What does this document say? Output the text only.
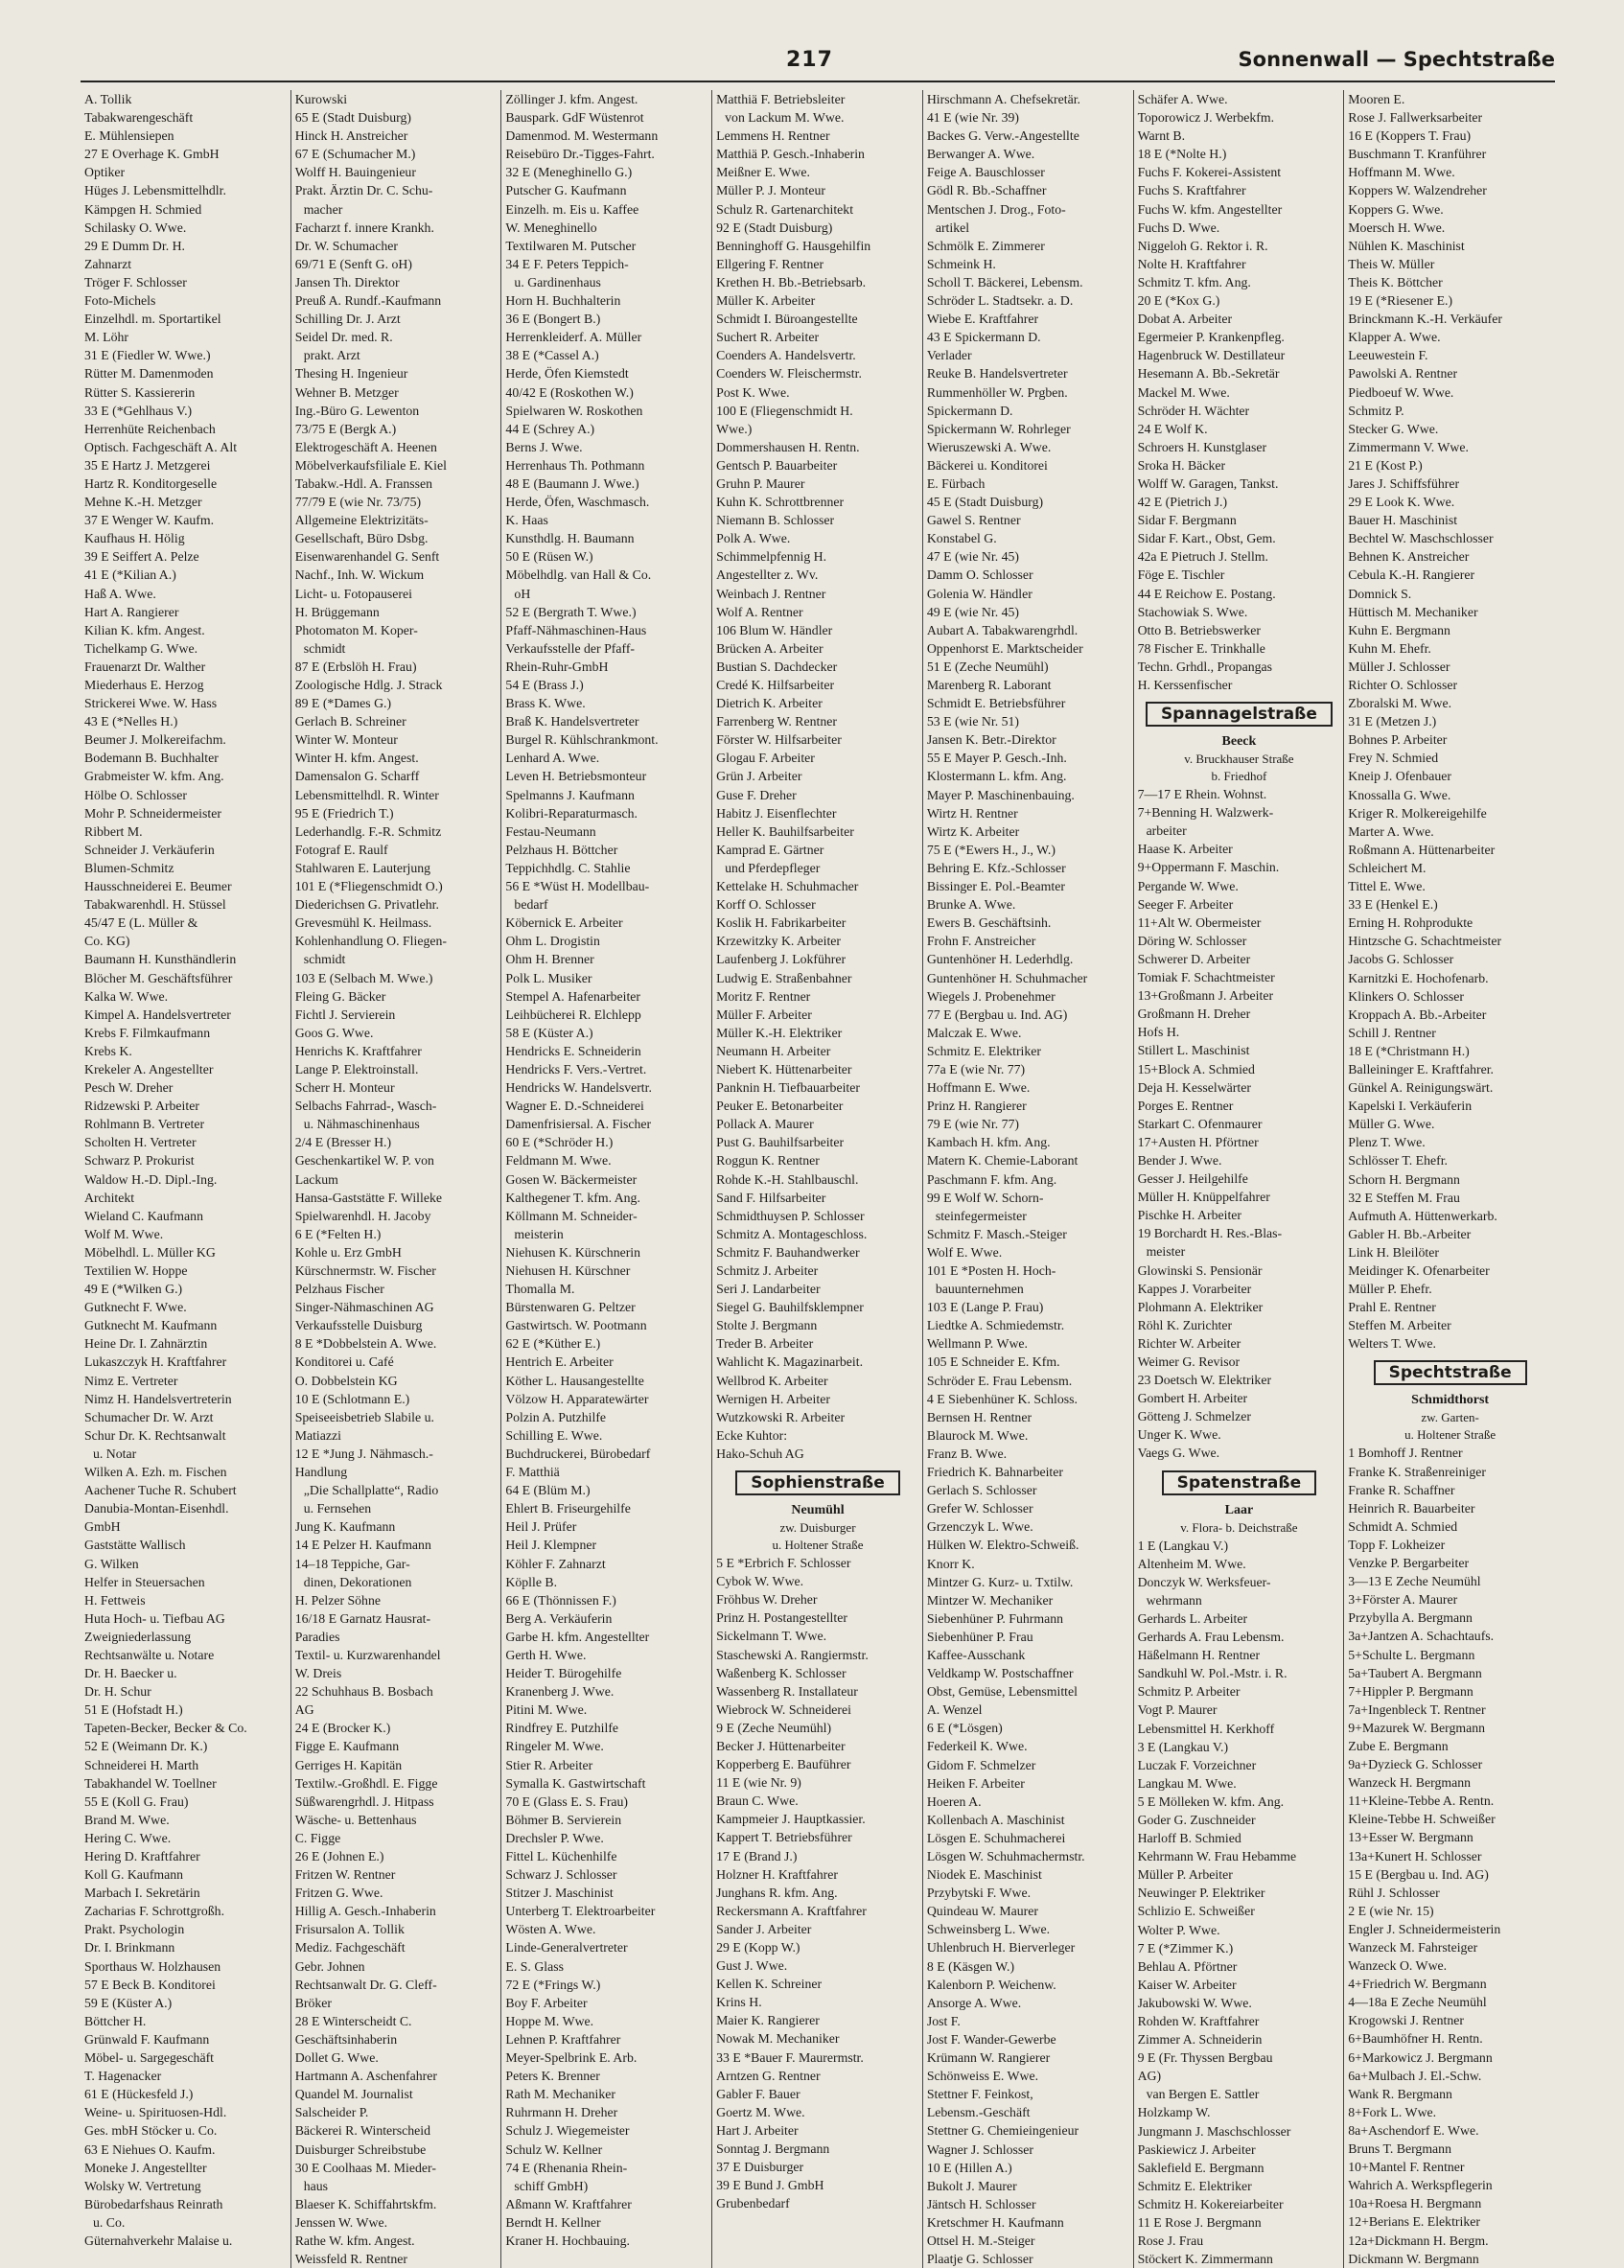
217	Sonnenwall — Spechtstraße
A. Tollik
Tabakwarengeschäft
E. Mühlensiepen
27 E Overhage K. GmbH
Optiker
Hüges J. Lebensmittelhdlr.
Kämpgen H. Schmied
Schilasky O. Wwe.
29 E Dumm Dr. H.
Zahnarzt
Tröger F. Schlosser
Foto-Michels
Einzelhdl. m. Sportartikel
M. Löhr
31 E (Fiedler W. Wwe.)
Rütter M. Damenmoden
Rütter S. Kassiererin
33 E (*Gehlhaus V.)
Herrenhüte Reichenbach
Optisch. Fachgeschäft A. Alt
35 E Hartz J. Metzgerei
Hartz R. Konditorgeselle
Mehne K.-H. Metzger
37 E Wenger W. Kaufm.
Kaufhaus H. Hölig
39 E Seiffert A. Pelze
41 E (*Kilian A.)
Haß A. Wwe.
Hart A. Rangierer
Kilian K. kfm. Angest.
Tichelkamp G. Wwe.
Frauenarzt Dr. Walther
Miederhaus E. Herzog
Strickerei Wwe. W. Hass
43 E (*Nelles H.)
Beumer J. Molkereifachm.
Bodemann B. Buchhalter
Grabmeister W. kfm. Ang.
Hölbe O. Schlosser
Mohr P. Schneidermeister
Ribbert M.
Schneider J. Verkäuferin
Blumen-Schmitz
Hausschneiderei E. Beumer
Tabakwarenhdl. H. Stüssel
45/47 E (L. Müller &
Co. KG)
Baumann H. Kunsthändlerin
Blöcher M. Geschäftsführer
Kalka W. Wwe.
Kimpel A. Handelsvertreter
Krebs F. Filmkaufmann
Krebs K.
Krekeler A. Angestellter
Pesch W. Dreher
Ridzewski P. Arbeiter
Rohlmann B. Vertreter
Scholten H. Vertreter
Schwarz P. Prokurist
Waldow H.-D. Dipl.-Ing.
Architekt
Wieland C. Kaufmann
Wolf M. Wwe.
Möbelhdl. L. Müller KG
Textilien W. Hoppe
49 E (*Wilken G.)
Gutknecht F. Wwe.
Gutknecht M. Kaufmann
Heine Dr. I. Zahnärztin
Lukaszczyk H. Kraftfahrer
Nimz E. Vertreter
Nimz H. Handelsvertreterin
Schumacher Dr. W. Arzt
Schur Dr. K. Rechtsanwalt
u. Notar
Wilken A. Ezh. m. Fischen
Aachener Tuche R. Schubert
Danubia-Montan-Eisenhdl.
GmbH
Gaststätte Wallisch
G. Wilken
Helfer in Steuersachen
H. Fettweis
Huta Hoch- u. Tiefbau AG
Zweigniederlassung
Rechtsanwälte u. Notare
Dr. H. Baecker u.
Dr. H. Schur
51 E (Hofstadt H.)
Tapeten-Becker, Becker & Co.
52 E (Weimann Dr. K.)
Schneiderei H. Marth
Tabakhandel W. Toellner
55 E (Koll G. Frau)
Brand M. Wwe.
Hering C. Wwe.
Hering D. Kraftfahrer
Koll G. Kaufmann
Marbach I. Sekretärin
Zacharias F. Schrottgroßh.
Prakt. Psychologin
Dr. I. Brinkmann
Sporthaus W. Holzhausen
57 E Beck B. Konditorei
59 E (Küster A.)
Böttcher H.
Grünwald F. Kaufmann
Möbel- u. Sargegeschäft
T. Hagenacker
61 E (Hückesfeld J.)
Weine- u. Spirituosen-Hdl.
Ges. mbH Stöcker u. Co.
63 E Niehues O. Kaufm.
Moneke J. Angestellter
Wolsky W. Vertretung
Bürobedarfshaus Reinrath
u. Co.
Güternahverkehr Malaise u.
Kurowski
65 E (Stadt Duisburg)
Hinck H. Anstreicher
67 E (Schumacher M.)
Wolff H. Bauingenieur
Prakt. Ärztin Dr. C. Schu-
macher
Facharzt f. innere Krankh.
Dr. W. Schumacher
69/71 E (Senft G. oH)
Jansen Th. Direktor
Preuß A. Rundf.-Kaufmann
Schilling Dr. J. Arzt
Seidel Dr. med. R.
prakt. Arzt
Thesing H. Ingenieur
Wehner B. Metzger
Ing.-Büro G. Lewenton
73/75 E (Bergk A.)
Elektrogeschäft A. Heenen
Möbelverkaufsfiliale E. Kiel
Tabakw.-Hdl. A. Franssen
77/79 E (wie Nr. 73/75)
Allgemeine Elektrizitäts-
Gesellschaft, Büro Dsbg.
Eisenwarenhandel G. Senft
Nachf., Inh. W. Wickum
Licht- u. Fotopauserei
H. Brüggemann
Photomaton M. Koper-
schmidt
87 E (Erbslöh H. Frau)
Zoologische Hdlg. J. Strack
89 E (*Dames G.)
Gerlach B. Schreiner
Winter W. Monteur
Winter H. kfm. Angest.
Damensalon G. Scharff
Lebensmittelhdl. R. Winter
95 E (Friedrich T.)
Lederhandlg. F.-R. Schmitz
Fotograf E. Raulf
Stahlwaren E. Lauterjung
101 E (*Fliegenschmidt O.)
Diederichsen G. Privatlehr.
Grevesmühl K. Heilmass.
Kohlenhandlung O. Fliegen-
schmidt
103 E (Selbach M. Wwe.)
Fleing G. Bäcker
Fichtl J. Servierein
Goos G. Wwe.
Henrichs K. Kraftfahrer
Lange P. Elektroinstall.
Scherr H. Monteur
Selbachs Fahrrad-, Wasch-
u. Nähmaschinenhaus
2/4 E (Bresser H.)
Geschenkartikel W. P. von
Lackum
Hansa-Gaststätte F. Willeke
Spielwarenhdl. H. Jacoby
6 E (*Felten H.)
Kohle u. Erz GmbH
Kürschnermstr. W. Fischer
Pelzhaus Fischer
Singer-Nähmaschinen AG
Verkaufsstelle Duisburg
8 E *Dobbelstein A. Wwe.
Konditorei u. Café
O. Dobbelstein KG
10 E (Schlotmann E.)
Speiseeisbetrieb Slabile u.
Matiazzi
12 E *Jung J. Nähmasch.-
Handlung
„Die Schallplatte“, Radio
u. Fernsehen
Jung K. Kaufmann
14 E Pelzer H. Kaufmann
14–18 Teppiche, Gar-
dinen, Dekorationen
H. Pelzer Söhne
16/18 E Garnatz Hausrat-
Paradies
Textil- u. Kurzwarenhandel
W. Dreis
22 Schuhhaus B. Bosbach
AG
24 E (Brocker K.)
Figge E. Kaufmann
Gerriges H. Kapitän
Textilw.-Großhdl. E. Figge
Süßwarengrhdl. J. Hitpass
Wäsche- u. Bettenhaus
C. Figge
26 E (Johnen E.)
Fritzen W. Rentner
Fritzen G. Wwe.
Hillig A. Gesch.-Inhaberin
Frisursalon A. Tollik
Mediz. Fachgeschäft
Gebr. Johnen
Rechtsanwalt Dr. G. Cleff-
Bröker
28 E Winterscheidt C.
Geschäftsinhaberin
Dollet G. Wwe.
Hartmann A. Aschenfahrer
Quandel M. Journalist
Salscheider P.
Bäckerei R. Winterscheid
Duisburger Schreibstube
30 E Coolhaas M. Mieder-
haus
Blaeser K. Schiffahrtskfm.
Jenssen W. Wwe.
Rathe W. kfm. Angest.
Weissfeld R. Rentner
Zöllinger J. kfm. Angest.
Bauspark. GdF Wüstenrot
Damenmod. M. Westermann
Reisebüro Dr.-Tigges-Fahrt.
32 E (Meneghinello G.)
Putscher G. Kaufmann
Einzelh. m. Eis u. Kaffee
W. Meneghinello
Textilwaren M. Putscher
34 E F. Peters Teppich-
u. Gardinenhaus
Horn H. Buchhalterin
36 E (Bongert B.)
Herrenkleiderf. A. Müller
38 E (*Cassel A.)
Herde, Öfen Kiemstedt
40/42 E (Roskothen W.)
Spielwaren W. Roskothen
44 E (Schrey A.)
Berns J. Wwe.
Herrenhaus Th. Pothmann
48 E (Baumann J. Wwe.)
Herde, Öfen, Waschmasch.
K. Haas
Kunsthdlg. H. Baumann
50 E (Rüsen W.)
Möbelhdlg. van Hall & Co.
oH
52 E (Bergrath T. Wwe.)
Pfaff-Nähmaschinen-Haus
Verkaufsstelle der Pfaff-
Rhein-Ruhr-GmbH
54 E (Brass J.)
Brass K. Wwe.
Braß K. Handelsvertreter
Burgel R. Kühlschrankmont.
Lenhard A. Wwe.
Leven H. Betriebsmonteur
Spelmanns J. Kaufmann
Kolibri-Reparaturmasch.
Festau-Neumann
Pelzhaus H. Böttcher
Teppichhdlg. C. Stahlie
56 E *Wüst H. Modellbau-
bedarf
Köbernick E. Arbeiter
Ohm L. Drogistin
Ohm H. Brenner
Polk L. Musiker
Stempel A. Hafenarbeiter
Leihbücherei R. Elchlepp
58 E (Küster A.)
Hendricks E. Schneiderin
Hendricks F. Vers.-Vertret.
Hendricks W. Handelsvertr.
Wagner E. D.-Schneiderei
Damenfrisiersal. A. Fischer
60 E (*Schröder H.)
Feldmann M. Wwe.
Gosen W. Bäckermeister
Kalthegener T. kfm. Ang.
Köllmann M. Schneider-
meisterin
Niehusen K. Kürschnerin
Niehusen H. Kürschner
Thomalla M.
Bürstenwaren G. Peltzer
Gastwirtsch. W. Pootmann
62 E (*Küther E.)
Hentrich E. Arbeiter
Köther L. Hausangestellte
Völzow H. Apparatewärter
Polzin A. Putzhilfe
Schilling E. Wwe.
Buchdruckerei, Bürobedarf
F. Matthiä
64 E (Blüm M.)
Ehlert B. Friseurgehilfe
Heil J. Prüfer
Heil J. Klempner
Köhler F. Zahnarzt
Köplle B.
66 E (Thönnissen F.)
Berg A. Verkäuferin
Garbe H. kfm. Angestellter
Gerth H. Wwe.
Heider T. Bürogehilfe
Kranenberg J. Wwe.
Pitini M. Wwe.
Rindfrey E. Putzhilfe
Ringeler M. Wwe.
Stier R. Arbeiter
Symalla K. Gastwirtschaft
70 E (Glass E. S. Frau)
Böhmer B. Servierein
Drechsler P. Wwe.
Fittel L. Küchenhilfe
Schwarz J. Schlosser
Stitzer J. Maschinist
Unterberg T. Elektroarbeiter
Wösten A. Wwe.
Linde-Generalvertreter
E. S. Glass
72 E (*Frings W.)
Boy F. Arbeiter
Hoppe M. Wwe.
Lehnen P. Kraftfahrer
Meyer-Spelbrink E. Arb.
Peters K. Brenner
Rath M. Mechaniker
Ruhrmann H. Dreher
Schulz J. Wiegemeister
Schulz W. Kellner
74 E (Rhenania Rhein-
schiff GmbH)
Aßmann W. Kraftfahrer
Berndt H. Kellner
Kraner H. Hochbauing.
Matthiä F. Betriebsleiter
von Lackum M. Wwe.
Lemmens H. Rentner
Matthiä P. Gesch.-Inhaberin
Meißner E. Wwe.
Müller P. J. Monteur
Schulz R. Gartenarchitekt
92 E (Stadt Duisburg)
Benninghoff G. Hausgehilfin
Ellgering F. Rentner
Krethen H. Bb.-Betriebsarb.
Müller K. Arbeiter
Schmidt I. Büroangestellte
Suchert R. Arbeiter
Coenders A. Handelsvertr.
Coenders W. Fleischermstr.
Post K. Wwe.
100 E (Fliegenschmidt H.
Wwe.)
Dommershausen H. Rentn.
Gentsch P. Bauarbeiter
Gruhn P. Maurer
Kuhn K. Schrottbrenner
Niemann B. Schlosser
Polk A. Wwe.
Schimmelpfennig H.
Angestellter z. Wv.
Weinbach J. Rentner
Wolf A. Rentner
106 Blum W. Händler
Brücken A. Arbeiter
Bustian S. Dachdecker
Credé K. Hilfsarbeiter
Dietrich K. Arbeiter
Farrenberg W. Rentner
Förster W. Hilfsarbeiter
Glogau F. Arbeiter
Grün J. Arbeiter
Guse F. Dreher
Habitz J. Eisenflechter
Heller K. Bauhilfsarbeiter
Kamprad E. Gärtner
und Pferdepfleger
Kettelake H. Schuhmacher
Korff O. Schlosser
Koslik H. Fabrikarbeiter
Krzewitzky K. Arbeiter
Laufenberg J. Lokführer
Ludwig E. Straßenbahner
Moritz F. Rentner
Müller F. Arbeiter
Müller K.-H. Elektriker
Neumann H. Arbeiter
Niebert K. Hüttenarbeiter
Panknin H. Tiefbauarbeiter
Peuker E. Betonarbeiter
Pollack A. Maurer
Pust G. Bauhilfsarbeiter
Roggun K. Rentner
Rohde K.-H. Stahlbauschl.
Sand F. Hilfsarbeiter
Schmidthuysen P. Schlosser
Schmitz A. Montageschloss.
Schmitz F. Bauhandwerker
Schmitz J. Arbeiter
Seri J. Landarbeiter
Siegel G. Bauhilfsklempner
Stolte J. Bergmann
Treder B. Arbeiter
Wahlicht K. Magazinarbeit.
Wellbrod K. Arbeiter
Wernigen H. Arbeiter
Wutzkowski R. Arbeiter
Ecke Kuhtor:
Hako-Schuh AG
Sophienstraße
Neumühl
zw. Duisburger
u. Holtener Straße
5 E *Erbrich F. Schlosser
Cybok W. Wwe.
Fröhbus W. Dreher
Prinz H. Postangestellter
Sickelmann T. Wwe.
Staschewski A. Rangiermstr.
Waßenberg K. Schlosser
Wassenberg R. Installateur
Wiebrock W. Schneiderei
9 E (Zeche Neumühl)
Becker J. Hüttenarbeiter
Kopperberg E. Bauführer
11 E (wie Nr. 9)
Braun C. Wwe.
Kampmeier J. Hauptkassier.
Kappert T. Betriebsführer
17 E (Brand J.)
Holzner H. Kraftfahrer
Junghans R. kfm. Ang.
Reckersmann A. Kraftfahrer
Sander J. Arbeiter
29 E (Kopp W.)
Gust J. Wwe.
Kellen K. Schreiner
Krins H.
Maier K. Rangierer
Nowak M. Mechaniker
33 E *Bauer F. Maurermstr.
Arntzen G. Rentner
Gabler F. Bauer
Goertz M. Wwe.
Hart J. Arbeiter
Sonntag J. Bergmann
37 E Duisburger
39 E Bund J. GmbH
Grubenbedarf
Hirschmann A. Chefsekretär.
41 E (wie Nr. 39)
Backes G. Verw.-Angestellte
Berwanger A. Wwe.
Feige A. Bauschlosser
Gödl R. Bb.-Schaffner
Mentschen J. Drog., Foto-
artikel
Schmölk E. Zimmerer
Schmeink H.
Scholl T. Bäckerei, Lebensm.
Schröder L. Stadtsekr. a. D.
Wiebe E. Kraftfahrer
43 E Spickermann D.
Verlader
Reuke B. Handelsvertreter
Rummenhöller W. Prgben.
Spickermann D.
Spickermann W. Rohrleger
Wieruszewski A. Wwe.
Bäckerei u. Konditorei
E. Fürbach
45 E (Stadt Duisburg)
Gawel S. Rentner
Konstabel G.
47 E (wie Nr. 45)
Damm O. Schlosser
Golenia W. Händler
49 E (wie Nr. 45)
Aubart A. Tabakwarengrhdl.
Oppenhorst E. Marktscheider
51 E (Zeche Neumühl)
Marenberg R. Laborant
Schmidt E. Betriebsführer
53 E (wie Nr. 51)
Jansen K. Betr.-Direktor
55 E Mayer P. Gesch.-Inh.
Klostermann L. kfm. Ang.
Mayer P. Maschinenbauing.
Wirtz H. Rentner
Wirtz K. Arbeiter
75 E (*Ewers H., J., W.)
Behring E. Kfz.-Schlosser
Bissinger E. Pol.-Beamter
Brunke A. Wwe.
Ewers B. Geschäftsinh.
Frohn F. Anstreicher
Guntenhöner H. Lederhdlg.
Guntenhöner H. Schuhmacher
Wiegels J. Probenehmer
77 E (Bergbau u. Ind. AG)
Malczak E. Wwe.
Schmitz E. Elektriker
77a E (wie Nr. 77)
Hoffmann E. Wwe.
Prinz H. Rangierer
79 E (wie Nr. 77)
Kambach H. kfm. Ang.
Matern K. Chemie-Laborant
Paschmann F. kfm. Ang.
99 E Wolf W. Schorn-
steinfegermeister
Schmitz F. Masch.-Steiger
Wolf E. Wwe.
101 E *Posten H. Hoch-
bauunternehmen
103 E (Lange P. Frau)
Liedtke A. Schmiedemstr.
Wellmann P. Wwe.
105 E Schneider E. Kfm.
Schröder E. Frau Lebensm.
4 E Siebenhüner K. Schloss.
Bernsen H. Rentner
Blaurock M. Wwe.
Franz B. Wwe.
Friedrich K. Bahnarbeiter
Gerlach S. Schlosser
Grefer W. Schlosser
Grzenczyk L. Wwe.
Hülken W. Elektro-Schweiß.
Knorr K.
Mintzer G. Kurz- u. Txtilw.
Mintzer W. Mechaniker
Siebenhüner P. Fuhrmann
Siebenhüner P. Frau
Kaffee-Ausschank
Veldkamp W. Postschaffner
Obst, Gemüse, Lebensmittel
A. Wenzel
6 E (*Lösgen)
Federkeil K. Wwe.
Gidom F. Schmelzer
Heiken F. Arbeiter
Hoeren A.
Kollenbach A. Maschinist
Lösgen E. Schuhmacherei
Lösgen W. Schuhmachermstr.
Niodek E. Maschinist
Przybytski F. Wwe.
Quindeau W. Maurer
Schweinsberg L. Wwe.
Uhlenbruch H. Bierverleger
8 E (Käsgen W.)
Kalenborn P. Weichenw.
Ansorge A. Wwe.
Jost F.
Jost F. Wander-Gewerbe
Krümann W. Rangierer
Schönweiss E. Wwe.
Stettner F. Feinkost,
Lebensm.-Geschäft
Stettner G. Chemieingenieur
Wagner J. Schlosser
10 E (Hillen A.)
Bukolt J. Maurer
Jäntsch H. Schlosser
Kretschmer H. Kaufmann
Ottsel H. M.-Steiger
Plaatje G. Schlosser
Schäfer A. Wwe.
Toporowicz J. Werbekfm.
Warnt B.
18 E (*Nolte H.)
Fuchs F. Kokerei-Assistent
Fuchs S. Kraftfahrer
Fuchs W. kfm. Angestellter
Fuchs D. Wwe.
Niggeloh G. Rektor i. R.
Nolte H. Kraftfahrer
Schmitz T. kfm. Ang.
20 E (*Kox G.)
Dobat A. Arbeiter
Egermeier P. Krankenpfleg.
Hagenbruck W. Destillateur
Hesemann A. Bb.-Sekretär
Mackel M. Wwe.
Schröder H. Wächter
24 E Wolf K.
Schroers H. Kunstglaser
Sroka H. Bäcker
Wolff W. Garagen, Tankst.
42 E (Pietrich J.)
Sidar F. Bergmann
Sidar F. Kart., Obst, Gem.
42a E Pietruch J. Stellm.
Föge E. Tischler
44 E Reichow E. Postang.
Stachowiak S. Wwe.
Otto B. Betriebswerker
78 Fischer E. Trinkhalle
Techn. Grhdl., Propangas
H. Kerssenfischer
Spannagelstraße
Beeck
v. Bruckhauser Straße
b. Friedhof
7—17 E Rhein. Wohnst.
7+Benning H. Walzwerk-
arbeiter
Haase K. Arbeiter
9+Oppermann F. Maschin.
Pergande W. Wwe.
Seeger F. Arbeiter
11+Alt W. Obermeister
Döring W. Schlosser
Schwerer D. Arbeiter
Tomiak F. Schachtmeister
13+Großmann J. Arbeiter
Großmann H. Dreher
Hofs H.
Stillert L. Maschinist
15+Block A. Schmied
Deja H. Kesselwärter
Porges E. Rentner
Starkart C. Ofenmaurer
17+Austen H. Pförtner
Bender J. Wwe.
Gesser J. Heilgehilfe
Müller H. Knüppelfahrer
Pischke H. Arbeiter
19 Borchardt H. Res.-Blas-
meister
Glowinski S. Pensionär
Kappes J. Vorarbeiter
Plohmann A. Elektriker
Röhl K. Zurichter
Richter W. Arbeiter
Weimer G. Revisor
23 Doetsch W. Elektriker
Gombert H. Arbeiter
Götteng J. Schmelzer
Unger K. Wwe.
Vaegs G. Wwe.
Spatenstraße
Laar
v. Flora- b. Deichstraße
1 E (Langkau V.)
Altenheim M. Wwe.
Donczyk W. Werksfeuer-
wehrmann
Gerhards L. Arbeiter
Gerhards A. Frau Lebensm.
Häßelmann H. Rentner
Sandkuhl W. Pol.-Mstr. i. R.
Schmitz P. Arbeiter
Vogt P. Maurer
Lebensmittel H. Kerkhoff
3 E (Langkau V.)
Luczak F. Vorzeichner
Langkau M. Wwe.
5 E Mölleken W. kfm. Ang.
Goder G. Zuschneider
Harloff B. Schmied
Kehrmann W. Frau Hebamme
Müller P. Arbeiter
Neuwinger P. Elektriker
Schlizio E. Schweißer
Wolter P. Wwe.
7 E (*Zimmer K.)
Behlau A. Pförtner
Kaiser W. Arbeiter
Jakubowski W. Wwe.
Rohden W. Kraftfahrer
Zimmer A. Schneiderin
9 E (Fr. Thyssen Bergbau
AG)
van Bergen E. Sattler
Holzkamp W.
Jungmann J. Maschschlosser
Paskiewicz J. Arbeiter
Saklefield E. Bergmann
Schmitz E. Elektriker
Schmitz H. Kokereiarbeiter
11 E Rose J. Bergmann
Rose J. Frau
Stöckert K. Zimmermann
Mooren E.
Rose J. Fallwerksarbeiter
16 E (Koppers T. Frau)
Buschmann T. Kranführer
Hoffmann M. Wwe.
Koppers W. Walzendreher
Koppers G. Wwe.
Moersch H. Wwe.
Nühlen K. Maschinist
Theis W. Müller
Theis K. Böttcher
19 E (*Riesener E.)
Brinckmann K.-H. Verkäufer
Klapper A. Wwe.
Leeuwestein F.
Pawolski A. Rentner
Piedboeuf W. Wwe.
Schmitz P.
Stecker G. Wwe.
Zimmermann V. Wwe.
21 E (Kost P.)
Jares J. Schiffsführer
29 E Look K. Wwe.
Bauer H. Maschinist
Bechtel W. Maschschlosser
Behnen K. Anstreicher
Cebula K.-H. Rangierer
Domnick S.
Hüttisch M. Mechaniker
Kuhn E. Bergmann
Kuhn M. Ehefr.
Müller J. Schlosser
Richter O. Schlosser
Zboralski M. Wwe.
31 E (Metzen J.)
Bohnes P. Arbeiter
Frey N. Schmied
Kneip J. Ofenbauer
Knossalla G. Wwe.
Kriger R. Molkereigehilfe
Marter A. Wwe.
Roßmann A. Hüttenarbeiter
Schleichert M.
Tittel E. Wwe.
33 E (Henkel E.)
Erning H. Rohprodukte
Hintzsche G. Schachtmeister
Jacobs G. Schlosser
Karnitzki E. Hochofenarb.
Klinkers O. Schlosser
Kroppach A. Bb.-Arbeiter
Schill J. Rentner
18 E (*Christmann H.)
Balleininger E. Kraftfahrer.
Günkel A. Reinigungswärt.
Kapelski I. Verkäuferin
Müller G. Wwe.
Plenz T. Wwe.
Schlösser T. Ehefr.
Schorn H. Bergmann
32 E Steffen M. Frau
Aufmuth A. Hüttenwerkarb.
Gabler H. Bb.-Arbeiter
Link H. Bleilöter
Meidinger K. Ofenarbeiter
Müller P. Ehefr.
Prahl E. Rentner
Steffen M. Arbeiter
Welters T. Wwe.
Spechtstraße
Schmidthorst
zw. Garten-
u. Holtener Straße
1 Bomhoff J. Rentner
Franke K. Straßenreiniger
Franke R. Schaffner
Heinrich R. Bauarbeiter
Schmidt A. Schmied
Topp F. Lokheizer
Venzke P. Bergarbeiter
3—13 E Zeche Neumühl
3+Förster A. Maurer
Przybylla A. Bergmann
3a+Jantzen A. Schachtaufs.
5+Schulte L. Bergmann
5a+Taubert A. Bergmann
7+Hippler P. Bergmann
7a+Ingenbleck T. Rentner
9+Mazurek W. Bergmann
Zube E. Bergmann
9a+Dyzieck G. Schlosser
Wanzeck H. Bergmann
11+Kleine-Tebbe A. Rentn.
Kleine-Tebbe H. Schweißer
13+Esser W. Bergmann
13a+Kunert H. Schlosser
15 E (Bergbau u. Ind. AG)
Rühl J. Schlosser
2 E (wie Nr. 15)
Engler J. Schneidermeisterin
Wanzeck M. Fahrsteiger
Wanzeck O. Wwe.
4+Friedrich W. Bergmann
4—18a E Zeche Neumühl
Krogowski J. Rentner
6+Baumhöfner H. Rentn.
6+Markowicz J. Bergmann
6a+Mulbach J. El.-Schw.
Wank R. Bergmann
8+Fork L. Wwe.
8a+Aschendorf E. Wwe.
Bruns T. Bergmann
10+Mantel F. Rentner
Wahrich A. Werkspflegerin
10a+Roesa H. Bergmann
12+Berians E. Elektriker
12a+Dickmann H. Bergm.
Dickmann W. Bergmann
